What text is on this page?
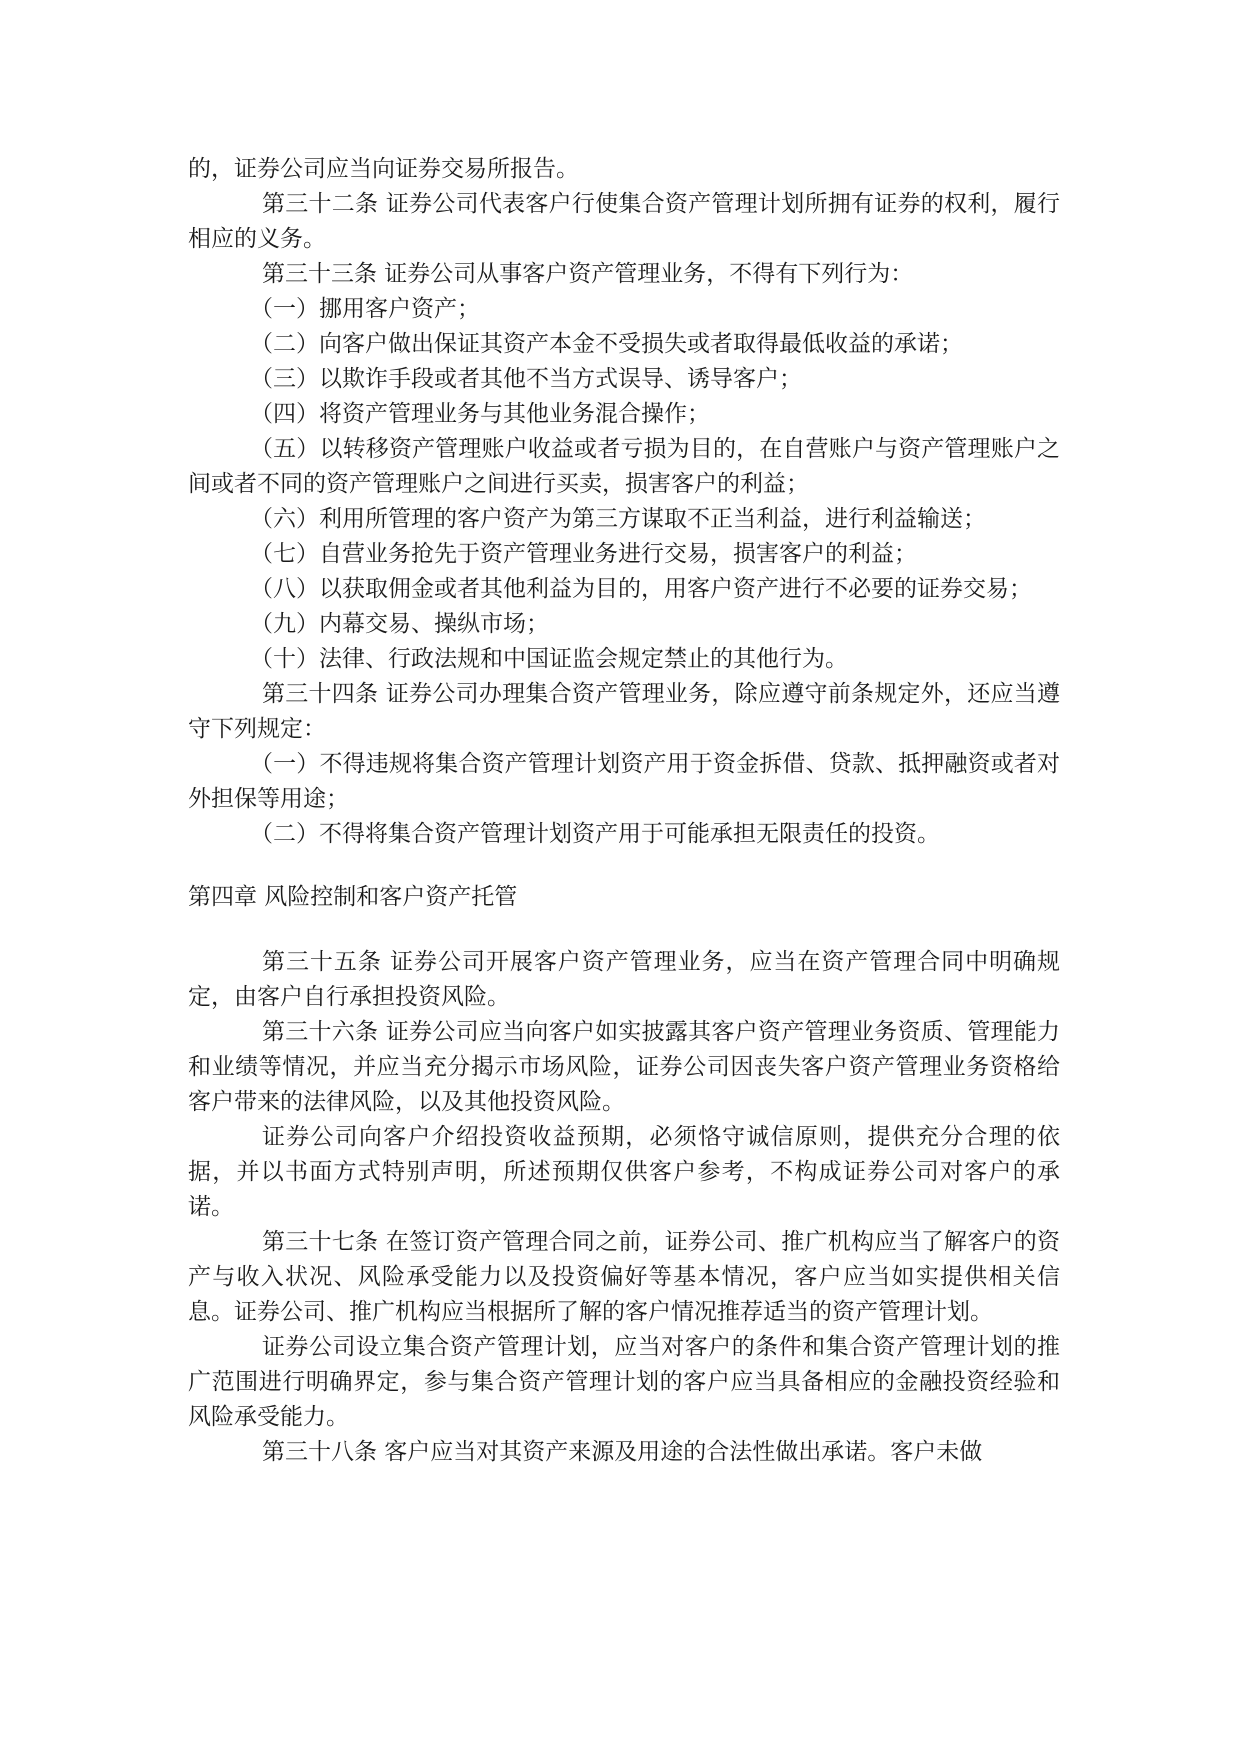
的，证券公司应当向证券交易所报告。

第三十二条 证券公司代表客户行使集合资产管理计划所拥有证券的权利，履行相应的义务。

第三十三条 证券公司从事客户资产管理业务，不得有下列行为：

（一）挪用客户资产；

（二）向客户做出保证其资产本金不受损失或者取得最低收益的承诺；

（三）以欺诈手段或者其他不当方式误导、诱导客户；

（四）将资产管理业务与其他业务混合操作；

（五）以转移资产管理账户收益或者亏损为目的，在自营账户与资产管理账户之间或者不同的资产管理账户之间进行买卖，损害客户的利益；

（六）利用所管理的客户资产为第三方谋取不正当利益，进行利益输送；

（七）自营业务抢先于资产管理业务进行交易，损害客户的利益；

（八）以获取佣金或者其他利益为目的，用客户资产进行不必要的证券交易；

（九）内幕交易、操纵市场；

（十）法律、行政法规和中国证监会规定禁止的其他行为。

第三十四条 证券公司办理集合资产管理业务，除应遵守前条规定外，还应当遵守下列规定：

（一）不得违规将集合资产管理计划资产用于资金拆借、贷款、抵押融资或者对外担保等用途；

（二）不得将集合资产管理计划资产用于可能承担无限责任的投资。

第四章 风险控制和客户资产托管

第三十五条 证券公司开展客户资产管理业务，应当在资产管理合同中明确规定，由客户自行承担投资风险。

第三十六条 证券公司应当向客户如实披露其客户资产管理业务资质、管理能力和业绩等情况，并应当充分揭示市场风险，证券公司因丧失客户资产管理业务资格给客户带来的法律风险，以及其他投资风险。

证券公司向客户介绍投资收益预期，必须恪守诚信原则，提供充分合理的依据，并以书面方式特别声明，所述预期仅供客户参考，不构成证券公司对客户的承诺。

第三十七条 在签订资产管理合同之前，证券公司、推广机构应当了解客户的资产与收入状况、风险承受能力以及投资偏好等基本情况，客户应当如实提供相关信息。证券公司、推广机构应当根据所了解的客户情况推荐适当的资产管理计划。

证券公司设立集合资产管理计划，应当对客户的条件和集合资产管理计划的推广范围进行明确界定，参与集合资产管理计划的客户应当具备相应的金融投资经验和风险承受能力。

第三十八条 客户应当对其资产来源及用途的合法性做出承诺。客户未做
